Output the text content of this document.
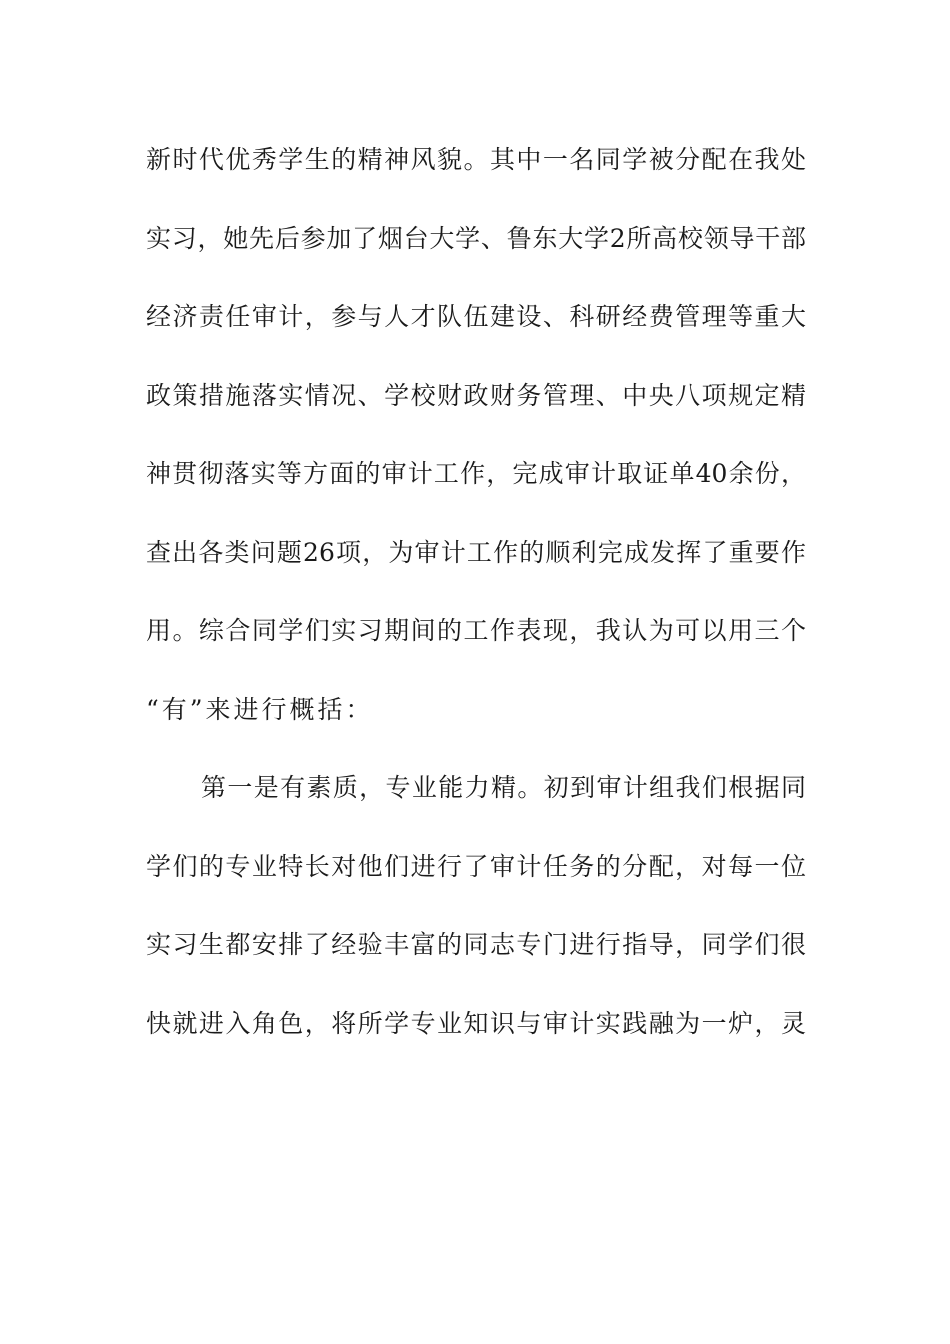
新时代优秀学生的精神风貌。其中一名同学被分配在我处
实习，她先后参加了烟台大学、鲁东大学2所高校领导干部
经济责任审计，参与人才队伍建设、科研经费管理等重大
政策措施落实情况、学校财政财务管理、中央八项规定精
神贯彻落实等方面的审计工作，完成审计取证单40余份，
查出各类问题26项，为审计工作的顺利完成发挥了重要作
用。综合同学们实习期间的工作表现，我认为可以用三个
“有”来进行概括：
第一是有素质，专业能力精。初到审计组我们根据同
学们的专业特长对他们进行了审计任务的分配，对每一位
实习生都安排了经验丰富的同志专门进行指导，同学们很
快就进入角色，将所学专业知识与审计实践融为一炉，灵
